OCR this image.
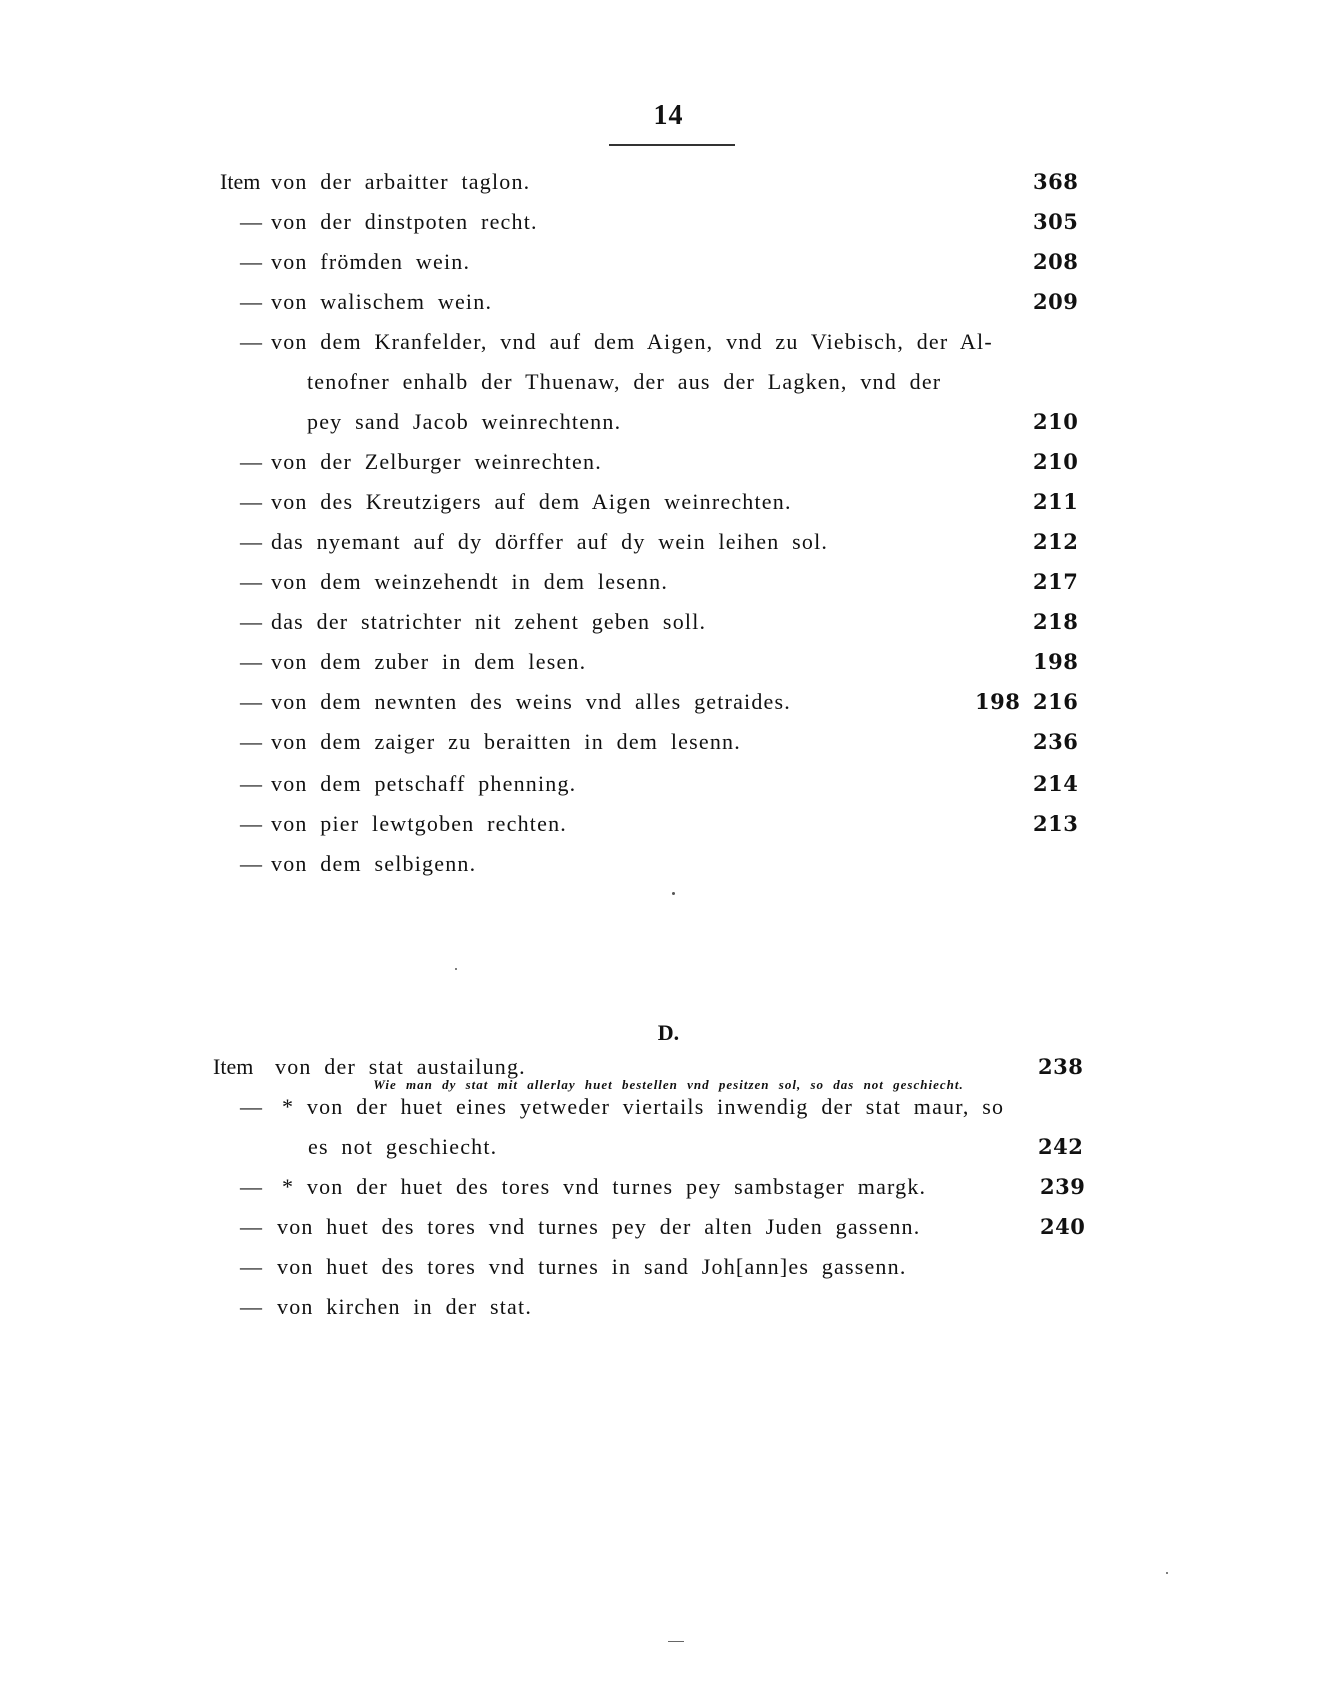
14
Item von der arbaitter taglon.	368
— von der dinstpoten recht.	305
— von frömden wein.	208
— von walischem wein.	209
— von dem Kranfelder, vnd auf dem Aigen, vnd zu Viebisch, der Al-
tenofner enhalb der Thuenaw, der aus der Lagken, vnd der
pey sand Jacob weinrechtenn.	210
— von der Zelburger weinrechten.	210
— von des Kreutzigers auf dem Aigen weinrechten.	211
— das nyemant auf dy dörffer auf dy wein leihen sol.	212
— von dem weinzehendt in dem lesenn.	217
— das der statrichter nit zehent geben soll.	218
— von dem zuber in dem lesen.	198
— von dem newnten des weins vnd alles getraides.	198 216
— von dem zaiger zu beraitten in dem lesenn.	236
— von dem petschaff phenning.	214
— von pier lewtgoben rechten.	213
— von dem selbigenn.
D.
Wie man dy stat mit allerlay huet bestellen vnd pesitzen sol, so das not geschiecht.
Item von der stat austailung.	238
— * von der huet eines yetweder viertails inwendig der stat maur, so
es not geschiecht.	242
— * von der huet des tores vnd turnes pey sambstager margk.	239
— von huet des tores vnd turnes pey der alten Juden gassenn.	240
— von huet des tores vnd turnes in sand Joh[ann]es gassenn.
— von kirchen in der stat.
